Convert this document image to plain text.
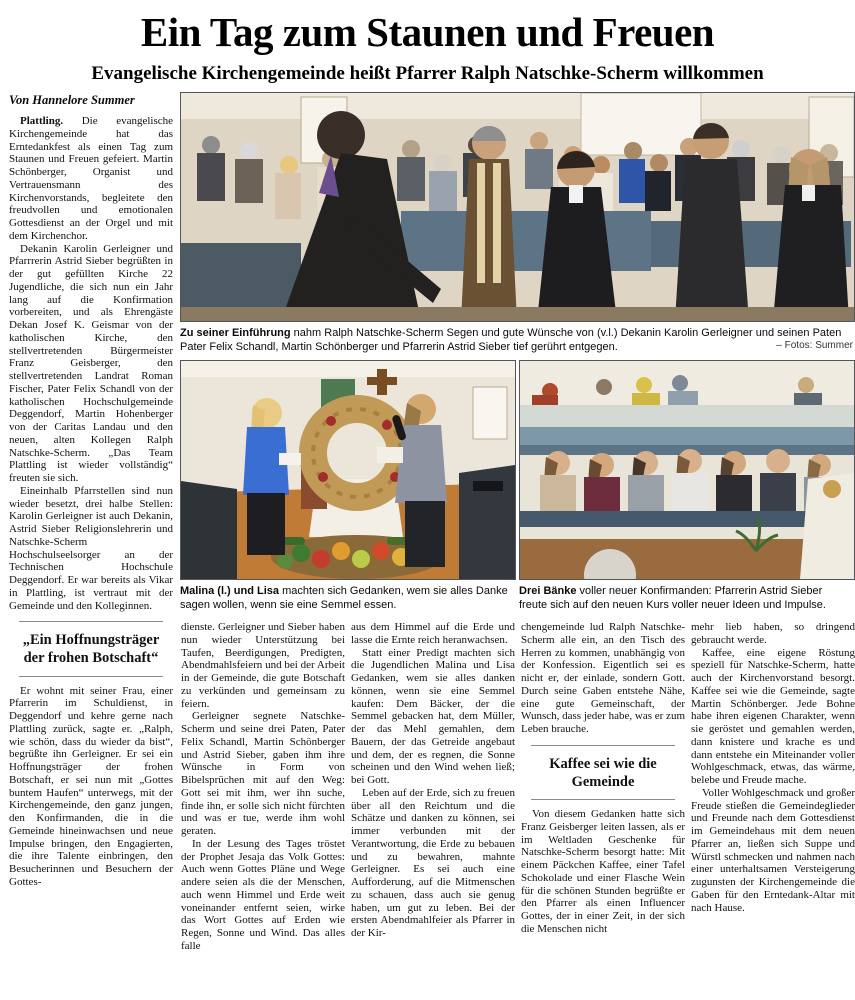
Ein Tag zum Staunen und Freuen
Evangelische Kirchengemeinde heißt Pfarrer Ralph Natschke-Scherm willkommen
Von Hannelore Summer

Plattling. Die evangelische Kirchengemeinde hat das Erntedankfest als einen Tag zum Staunen und Freuen gefeiert. Martin Schönberger, Organist und Vertrauensmann des Kirchenvorstands, begleitete den freudvollen und emotionalen Gottesdienst an der Orgel und mit dem Kirchenchor.

Dekanin Karolin Gerleigner und Pfarrrerin Astrid Sieber begrüßten in der gut gefüllten Kirche 22 Jugendliche, die sich nun ein Jahr lang auf die Konfirmation vorbereiten, und als Ehrengäste Dekan Josef K. Geismar von der katholischen Kirche, den stellvertretenden Bürgermeister Franz Geisberger, den stellvertretenden Landrat Roman Fischer, Pater Felix Schandl von der katholischen Hochschulgemeinde Deggendorf, Martin Hohenberger von der Caritas Landau und den neuen, alten Kollegen Ralph Natschke-Scherm. „Das Team Plattling ist wieder vollständig“ freuten sie sich.

Eineinhalb Pfarrstellen sind nun wieder besetzt, drei halbe Stellen: Karolin Gerleigner ist auch Dekanin, Astrid Sieber Religionslehrerin und Natschke-Scherm Hochschulseelsorger an der Technischen Hochschule Deggendorf. Er war bereits als Vikar in Plattling, ist vertraut mit der Gemeinde und den Kolleginnen.

„Ein Hoffnungsträger der frohen Botschaft“

Er wohnt mit seiner Frau, einer Pfarrerin im Schuldienst, in Deggendorf und kehre gerne nach Plattling zurück, sagte er. „Ralph, wie schön, dass du wieder da bist“, begrüßte ihn Gerleigner. Er sei ein Hoffnungsträger der frohen Botschaft, er sei nun mit „Gottes buntem Haufen“ unterwegs, mit der Kirchengemeinde, den ganz jungen, den Konfirmanden, die in die Gemeinde hineinwachsen und neue Impulse bringen, den Engagierten, die ihre Talente einbringen, den Besucherinnen und Besuchern der Gottes-

Zu seiner Einführung nahm Ralph Natschke-Scherm Segen und gute Wünsche von (v.l.) Dekanin Karolin Gerleigner und seinen Paten Pater Felix Schandl, Martin Schönberger und Pfarrerin Astrid Sieber tief gerührt entgegen.	– Fotos: Summer
Malina (l.) und Lisa machten sich Gedanken, wem sie alles Danke sagen wollen, wenn sie eine Semmel essen.
Drei Bänke voller neuer Konfirmanden: Pfarrerin Astrid Sieber freute sich auf den neuen Kurs voller neuer Ideen und Impulse.

dienste. Gerleigner und Sieber haben nun wieder Unterstützung bei Taufen, Beerdigungen, Predigten, Abendmahlsfeiern und bei der Arbeit in der Gemeinde, die gute Botschaft zu verkünden und gemeinsam zu feiern.

Gerleigner segnete Natschke-Scherm und seine drei Paten, Pater Felix Schandl, Martin Schönberger und Astrid Sieber, gaben ihm ihre Wünsche in Form von Bibelsprüchen mit auf den Weg: Gott sei mit ihm, wer ihn suche, finde ihn, er solle sich nicht fürchten und was er tue, werde ihm wohl geraten.

In der Lesung des Tages tröstet der Prophet Jesaja das Volk Gottes: Auch wenn Gottes Pläne und Wege andere seien als die der Menschen, auch wenn Himmel und Erde weit voneinander entfernt seien, wirke das Wort Gottes auf Erden wie Regen, Sonne und Wind. Das alles falle

aus dem Himmel auf die Erde und lasse die Ernte reich heranwachsen.

Statt einer Predigt machten sich die Jugendlichen Malina und Lisa Gedanken, wem sie alles danken können, wenn sie eine Semmel kaufen: Dem Bäcker, der die Semmel gebacken hat, dem Müller, der das Mehl gemahlen, dem Bauern, der das Getreide angebaut und dem, der es regnen, die Sonne scheinen und den Wind wehen ließ; bei Gott.

Leben auf der Erde, sich zu freuen über all den Reichtum und die Schätze und danken zu können, sei immer verbunden mit der Verantwortung, die Erde zu bebauen und zu bewahren, mahnte Gerleigner. Es sei auch eine Aufforderung, auf die Mitmenschen zu schauen, dass auch sie genug haben, um gut zu leben. Bei der ersten Abendmahlfeier als Pfarrer in der Kir-

chengemeinde lud Ralph Natschke-Scherm alle ein, an den Tisch des Herren zu kommen, unabhängig von der Konfession. Eigentlich sei es nicht er, der einlade, sondern Gott. Durch seine Gaben entstehe Nähe, eine gute Gemeinschaft, der Wunsch, dass jeder habe, was er zum Leben brauche.

Kaffee sei wie die Gemeinde

Von diesem Gedanken hatte sich Franz Geisberger leiten lassen, als er im Weltladen Geschenke für Natschke-Scherm besorgt hatte: Mit einem Päckchen Kaffee, einer Tafel Schokolade und einer Flasche Wein für die schönen Stunden begrüßte er den Pfarrer als einen Influencer Gottes, der in einer Zeit, in der sich die Menschen nicht

mehr lieb haben, so dringend gebraucht werde.

Kaffee, eine eigene Röstung speziell für Natschke-Scherm, hatte auch der Kirchenvorstand besorgt. Kaffee sei wie die Gemeinde, sagte Martin Schönberger. Jede Bohne habe ihren eigenen Charakter, wenn sie geröstet und gemahlen werden, dann knistere und krache es und dann entstehe ein Miteinander voller Wohlgeschmack, etwas, das wärme, belebe und Freude mache.

Voller Wohlgeschmack und großer Freude stießen die Gemeindeglieder und Freunde nach dem Gottesdienst im Gemeindehaus mit dem neuen Pfarrer an, ließen sich Suppe und Würstl schmecken und nahmen nach einer unterhaltsamen Versteigerung zugunsten der Kirchengemeinde die Gaben für den Erntedank-Altar mit nach Hause.
